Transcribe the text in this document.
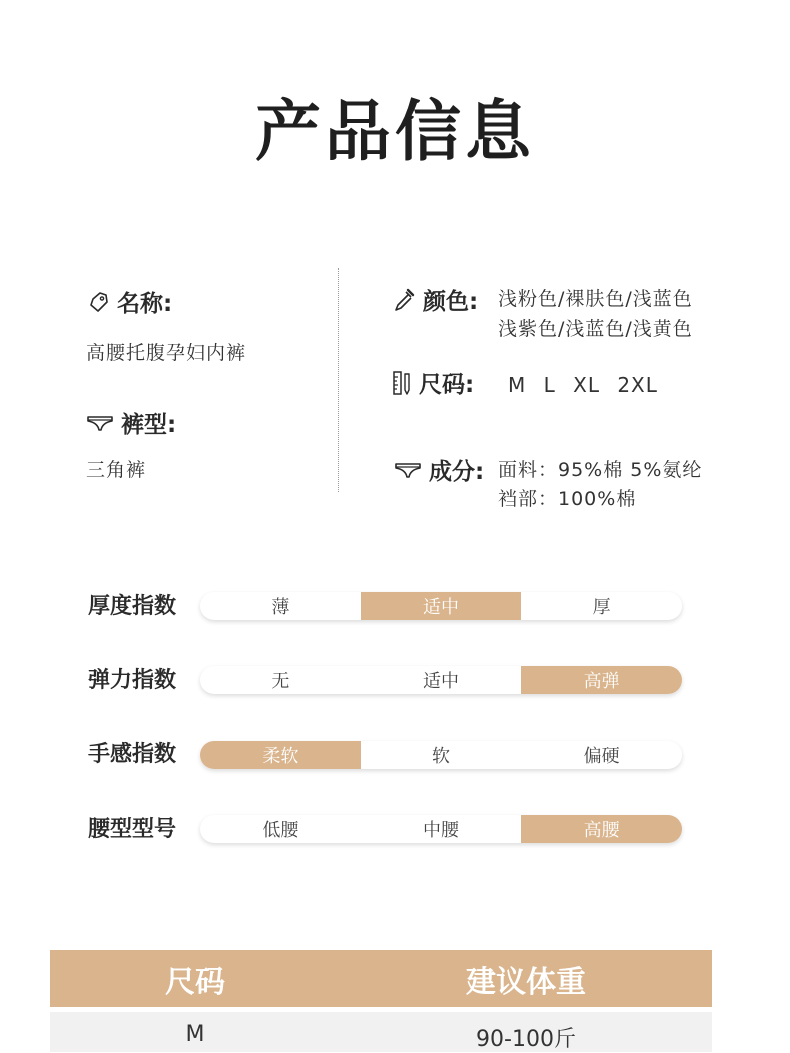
产品信息
名称:
高腰托腹孕妇内裤
裤型:
三角裤
颜色: 浅粉色/裸肤色/浅蓝色
浅紫色/浅蓝色/浅黄色
尺码: M L XL 2XL
成分: 面料：95%棉 5%氨纶
裆部：100%棉
厚度指数	薄	适中	厚
弹力指数	无	适中	高弹
手感指数	柔软	软	偏硬
腰型型号	低腰	中腰	高腰
尺码	建议体重
M	90-100斤
